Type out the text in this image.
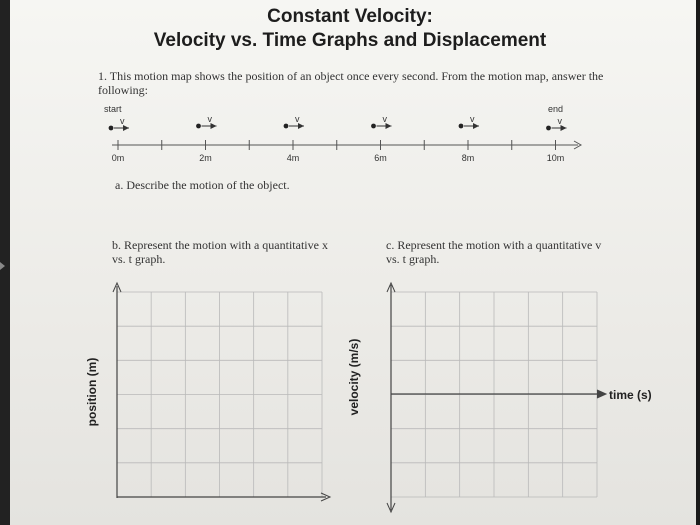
Constant Velocity:
Velocity vs. Time Graphs and Displacement
1. This motion map shows the position of an object once every second. From the motion map, answer the following:
a. Describe the motion of the object.
b. Represent the motion with a quantitative x vs. t graph.
c. Represent the motion with a quantitative v vs. t graph.
start	end
v	v	v	v	v	v
0m	2m	4m	6m	8m	10m
position (m)	time (s)
velocity (m/s)
